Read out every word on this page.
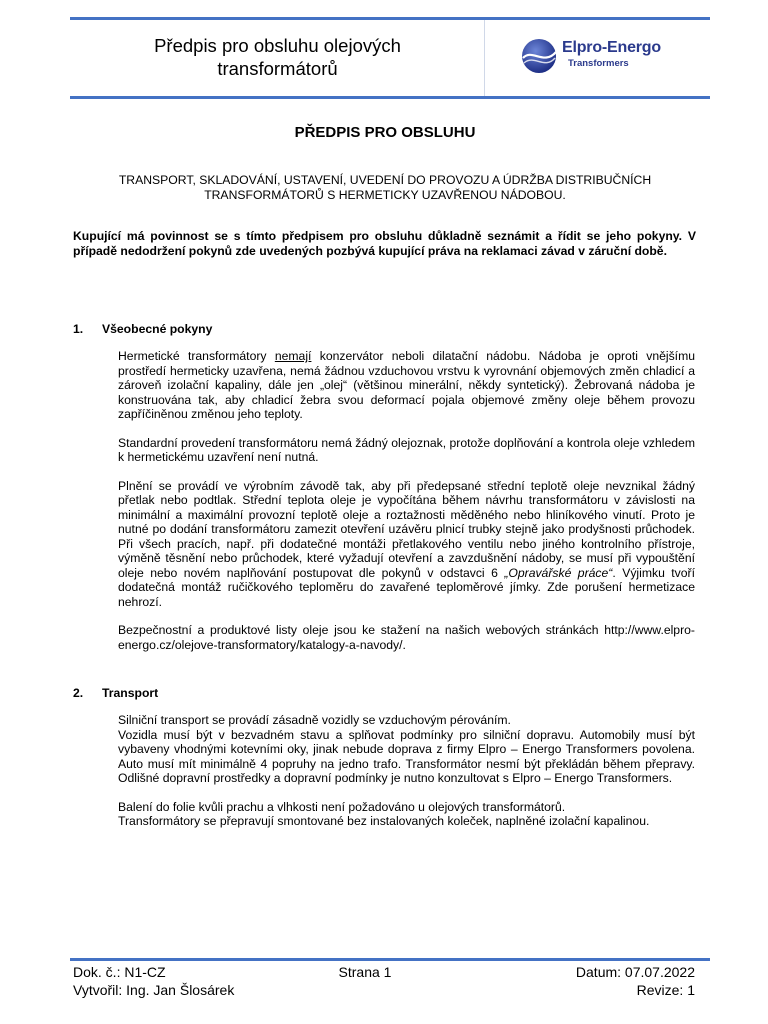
Předpis pro obsluhu olejových
transformátorů
Elpro-Energo
Transformers
PŘEDPIS PRO OBSLUHU
TRANSPORT, SKLADOVÁNÍ, USTAVENÍ, UVEDENÍ DO PROVOZU A ÚDRŽBA DISTRIBUČNÍCH
TRANSFORMÁTORŮ S HERMETICKY UZAVŘENOU NÁDOBOU.
Kupující má povinnost se s tímto předpisem pro obsluhu důkladně seznámit a řídit se jeho pokyny. V případě nedodržení pokynů zde uvedených pozbývá kupující práva na reklamaci závad v záruční době.
1. Všeobecné pokyny

Hermetické transformátory nemají konzervátor neboli dilatační nádobu. Nádoba je oproti vnějšímu prostředí hermeticky uzavřena, nemá žádnou vzduchovou vrstvu k vyrovnání objemových změn chladicí a zároveň izolační kapaliny, dále jen „olej“ (většinou minerální, někdy syntetický). Žebrovaná nádoba je konstruována tak, aby chladicí žebra svou deformací pojala objemové změny oleje během provozu zapříčiněnou změnou jeho teploty.

Standardní provedení transformátoru nemá žádný olejoznak, protože doplňování a kontrola oleje vzhledem k hermetickému uzavření není nutná.

Plnění se provádí ve výrobním závodě tak, aby při předepsané střední teplotě oleje nevznikal žádný přetlak nebo podtlak. Střední teplota oleje je vypočítána během návrhu transformátoru v závislosti na minimální a maximální provozní teplotě oleje a roztažnosti měděného nebo hliníkového vinutí. Proto je nutné po dodání transformátoru zamezit otevření uzávěru plnicí trubky stejně jako prodyšnosti průchodek. Při všech pracích, např. při dodatečné montáži přetlakového ventilu nebo jiného kontrolního přístroje, výměně těsnění nebo průchodek, které vyžadují otevření a zavzdušnění nádoby, se musí při vypouštění oleje nebo novém naplňování postupovat dle pokynů v odstavci 6 „Opravářské práce“. Výjimku tvoří dodatečná montáž ručičkového teploměru do zavařené teploměrové jímky. Zde porušení hermetizace nehrozí.

Bezpečnostní a produktové listy oleje jsou ke stažení na našich webových stránkách http://www.elpro-energo.cz/olejove-transformatory/katalogy-a-navody/.

2. Transport

Silniční transport se provádí zásadně vozidly se vzduchovým pérováním.

Vozidla musí být v bezvadném stavu a splňovat podmínky pro silniční dopravu. Automobily musí být vybaveny vhodnými kotevními oky, jinak nebude doprava z firmy Elpro – Energo Transformers povolena. Auto musí mít minimálně 4 popruhy na jedno trafo. Transformátor nesmí být překládán během přepravy. Odlišné dopravní prostředky a dopravní podmínky je nutno konzultovat s Elpro – Energo Transformers.

Balení do folie kvůli prachu a vlhkosti není požadováno u olejových transformátorů.

Transformátory se přepravují smontované bez instalovaných koleček, naplněné izolační kapalinou.

Dok. č.: N1-CZ
Vytvořil: Ing. Jan Šlosárek
Strana 1	Datum: 07.07.2022
Revize: 1
